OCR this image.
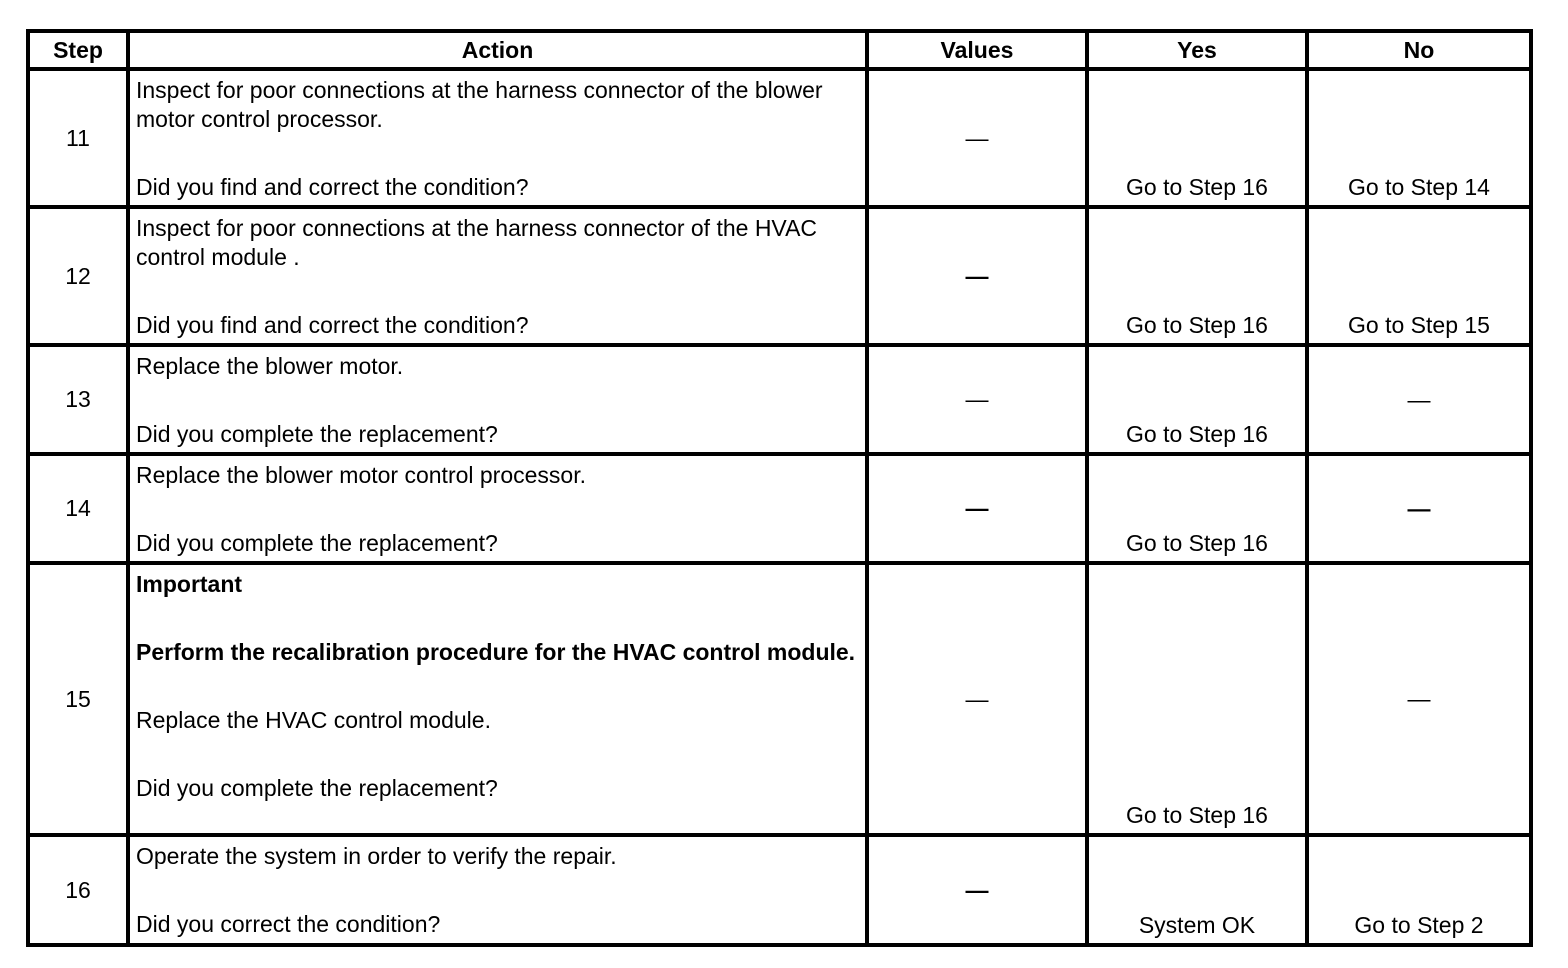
Step	Action	Values	Yes	No
11	Inspect for poor connections at the harness connector of the blower motor control processor.
Did you find and correct the condition?	—	Go to Step 16	Go to Step 14

12	Inspect for poor connections at the harness connector of the HVAC control module .
Did you find and correct the condition?	—	Go to Step 16	Go to Step 15

13	Replace the blower motor.
Did you complete the replacement?	—	Go to Step 16	—

14	Replace the blower motor control processor.
Did you complete the replacement?	—	Go to Step 16	—

15	Important
Perform the recalibration procedure for the HVAC control module.
Replace the HVAC control module.
Did you complete the replacement?	—	Go to Step 16	—

16	Operate the system in order to verify the repair.
Did you correct the condition?	—	System OK	Go to Step 2
